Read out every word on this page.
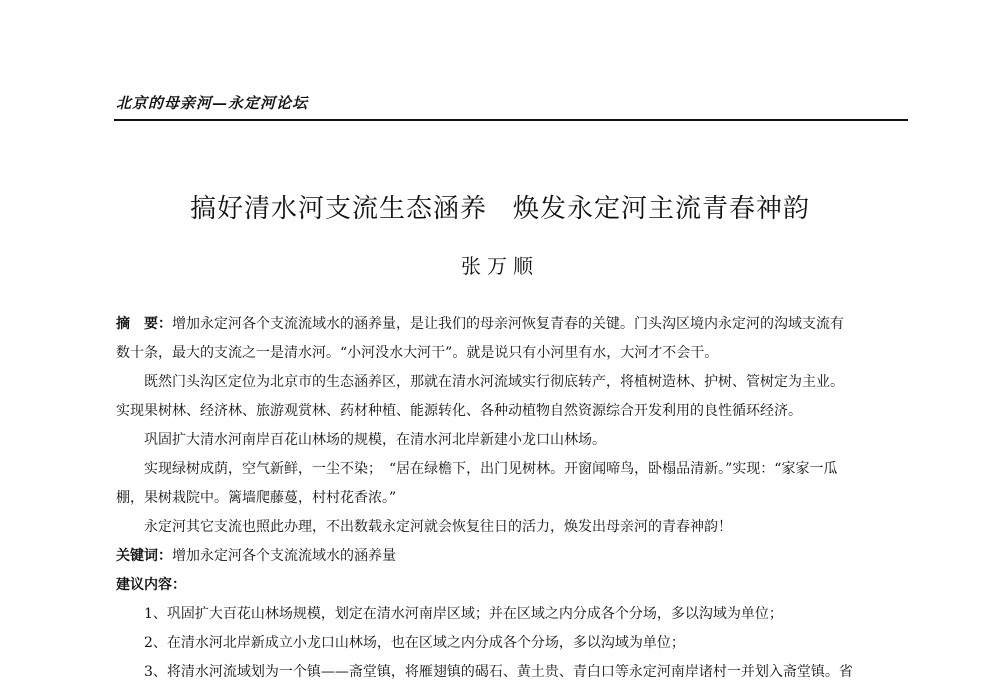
北京的母亲河—永定河论坛
搞好清水河支流生态涵养 焕发永定河主流青春神韵
张万顺
摘　要：增加永定河各个支流流域水的涵养量，是让我们的母亲河恢复青春的关键。门头沟区境内永定河的沟域支流有
数十条，最大的支流之一是清水河。“小河没水大河干”。就是说只有小河里有水，大河才不会干。
既然门头沟区定位为北京市的生态涵养区，那就在清水河流域实行彻底转产，将植树造林、护树、管树定为主业。
实现果树林、经济林、旅游观赏林、药材种植、能源转化、各种动植物自然资源综合开发利用的良性循环经济。
巩固扩大清水河南岸百花山林场的规模，在清水河北岸新建小龙口山林场。
实现绿树成荫，空气新鲜，一尘不染；　“居在绿檐下，出门见树林。开窗闻啼鸟，卧榻品清新。”实现：“家家一瓜
棚，果树栽院中。篱墙爬藤蔓，村村花香浓。”
永定河其它支流也照此办理，不出数载永定河就会恢复往日的活力，焕发出母亲河的青春神韵！
关键词：增加永定河各个支流流域水的涵养量
建议内容：
1、巩固扩大百花山林场规模，划定在清水河南岸区域；并在区域之内分成各个分场，多以沟域为单位；
2、在清水河北岸新成立小龙口山林场，也在区域之内分成各个分场，多以沟域为单位；
3、将清水河流域划为一个镇——斋堂镇，将雁翅镇的碣石、黄土贵、青白口等永定河南岸诸村一并划入斋堂镇。省
